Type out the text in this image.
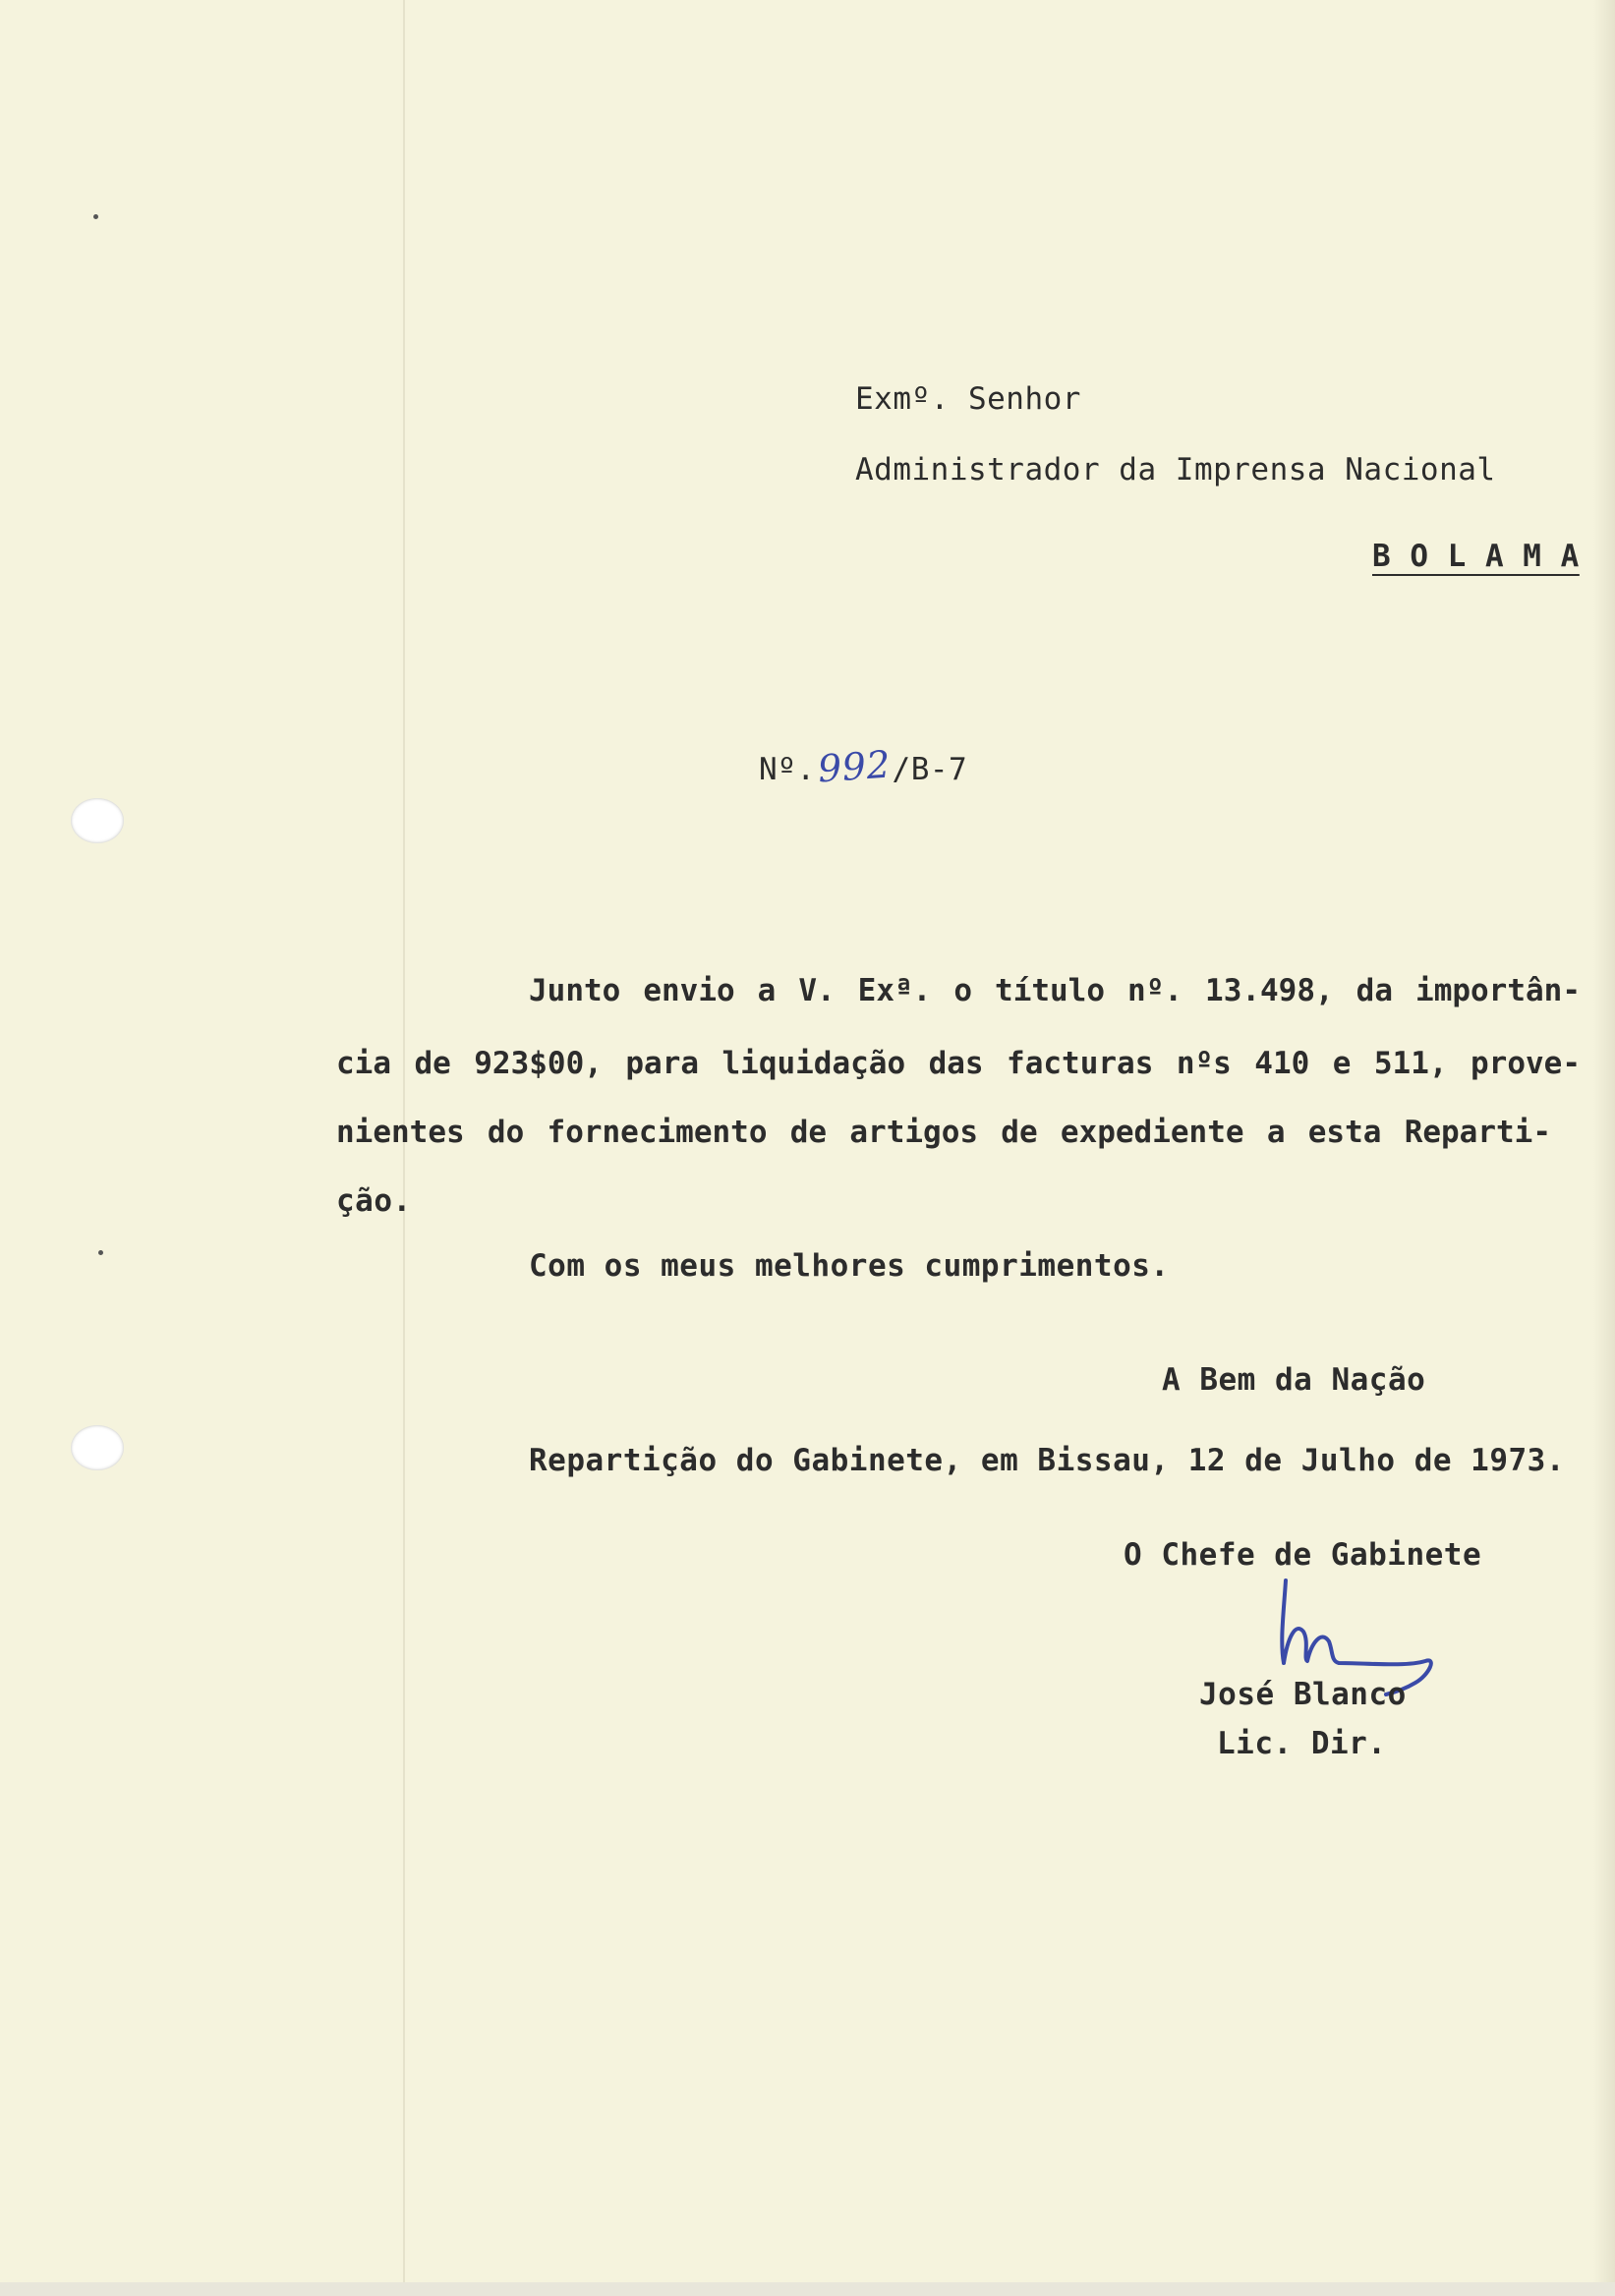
Exmº. Senhor
Administrador da Imprensa Nacional
B O L A M A
Nº.992/B-7
Junto envio a V. Exª. o título nº. 13.498, da importân-
cia de 923$00, para liquidação das facturas nºs 410 e 511, prove-
nientes do fornecimento de artigos de expediente a esta Reparti-
ção.
Com os meus melhores cumprimentos.
A Bem da Nação
Repartição do Gabinete, em Bissau, 12 de Julho de 1973.
O Chefe de Gabinete
José Blanco
Lic. Dir.
